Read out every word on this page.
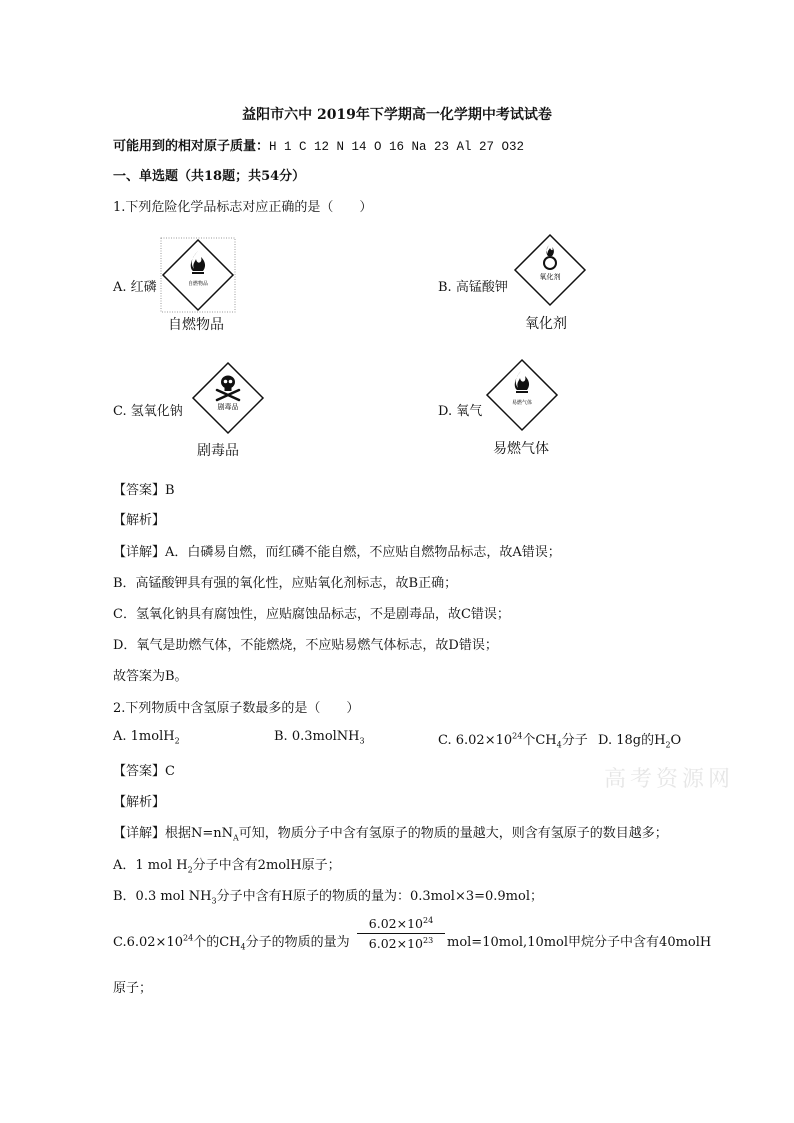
益阳市六中 2019年下学期高一化学期中考试试卷
可能用到的相对原子质量：H 1 C 12 N 14 O 16 Na 23 Al 27 O32
一、单选题（共18题；共54分）
1.下列危险化学品标志对应正确的是（　　）
A. 红磷	自燃物品
自燃物品
B. 高锰酸钾
氧化剂
氧化剂
C. 氢氧化钠	剧毒品
剧毒品
D. 氧气
易燃气体
易燃气体
【答案】B
【解析】
【详解】A．白磷易自燃，而红磷不能自燃，不应贴自燃物品标志，故A错误；
B．高锰酸钾具有强的氧化性，应贴氧化剂标志，故B正确；
C．氢氧化钠具有腐蚀性，应贴腐蚀品标志，不是剧毒品，故C错误；
D．氧气是助燃气体，不能燃烧，不应贴易燃气体标志，故D错误；
故答案为B。
2.下列物质中含氢原子数最多的是（　　）
A. 1molH$_2$	B. 0.3molNH$_3$	C. $6.02\times 10^{24}$个$CH_4$分子 D. 18g的$H_2O$
高考资源网
【答案】C
【解析】
【详解】根据$N=nN_A$可知，物质分子中含有氢原子的物质的量越大，则含有氢原子的数目越多；
A．1 mol $H_2$分子中含有2molH原子；
B．0.3 mol $NH_3$分子中含有H原子的物质的量为：0.3mol×3=0.9mol；
$C.6.02\times 10^{24}$个的$CH_4$分子的物质的量为
$6.02\times 10^{24}$
$6.02\times 10^{23}$	mol=10mol,10mol甲烷分子中含有40molH
原子；
